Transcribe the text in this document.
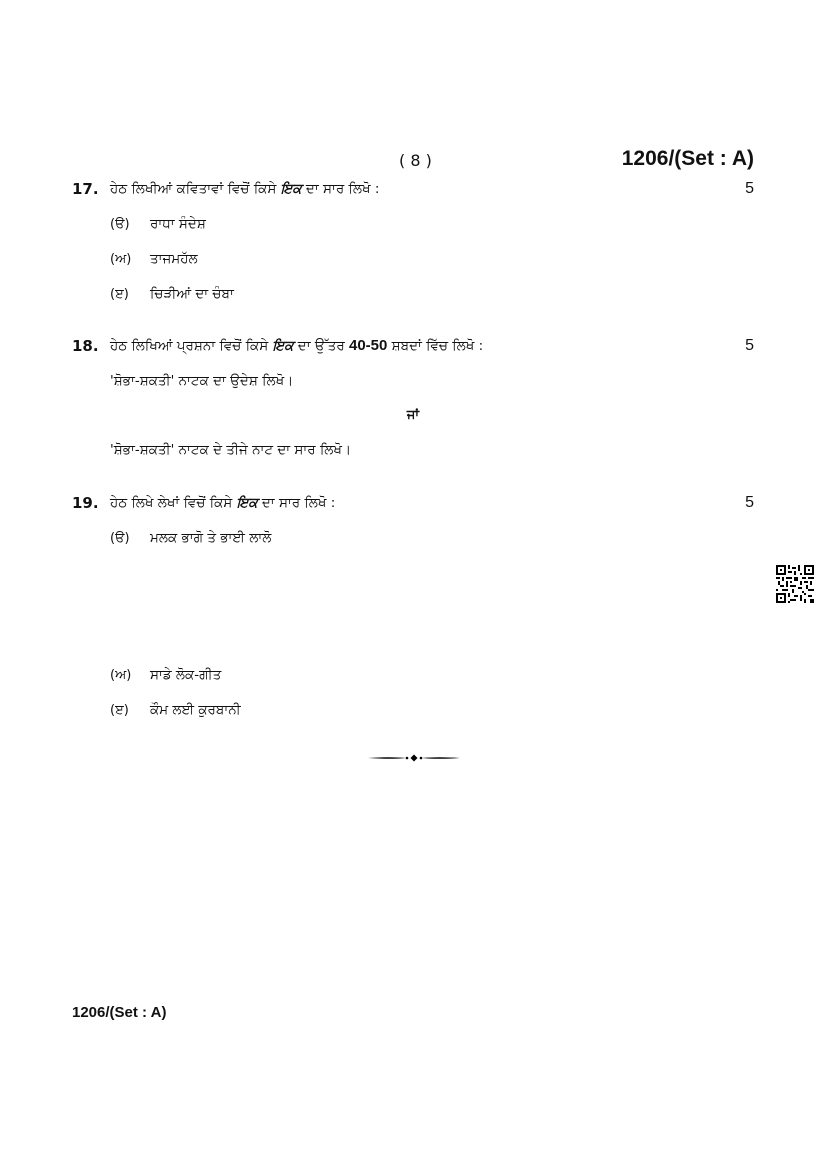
( 8 )	1206/(Set : A)
17. ਹੇਠ ਲਿਖੀਆਂ ਕਵਿਤਾਵਾਂ ਵਿਚੋਂ ਕਿਸੇ ਇਕ ਦਾ ਸਾਰ ਲਿਖੋ :	5
(ੳ) ਰਾਧਾ ਸੰਦੇਸ਼
(ਅ) ਤਾਜਮਹੱਲ
(ੲ) ਚਿੜੀਆਂ ਦਾ ਚੰਬਾ
18. ਹੇਠ ਲਿਖਿਆਂ ਪ੍ਰਸ਼ਨਾ ਵਿਚੋਂ ਕਿਸੇ ਇਕ ਦਾ ਉੱਤਰ 40-50 ਸ਼ਬਦਾਂ ਵਿੱਚ ਲਿਖੋ :	5
'ਸ਼ੋਭਾ-ਸ਼ਕਤੀ' ਨਾਟਕ ਦਾ ਉਦੇਸ਼ ਲਿਖੋ।
ਜਾਂ
'ਸ਼ੋਭਾ-ਸ਼ਕਤੀ' ਨਾਟਕ ਦੇ ਤੀਜੇ ਨਾਟ ਦਾ ਸਾਰ ਲਿਖੋ।
19. ਹੇਠ ਲਿਖੇ ਲੇਖਾਂ ਵਿਚੋਂ ਕਿਸੇ ਇਕ ਦਾ ਸਾਰ ਲਿਖੋ :	5
(ੳ) ਮਲਕ ਭਾਗੋ ਤੇ ਭਾਈ ਲਾਲੋ
(ਅ) ਸਾਡੇ ਲੋਕ-ਗੀਤ
(ੲ) ਕੌਮ ਲਈ ਕੁਰਬਾਨੀ
1206/(Set : A)
